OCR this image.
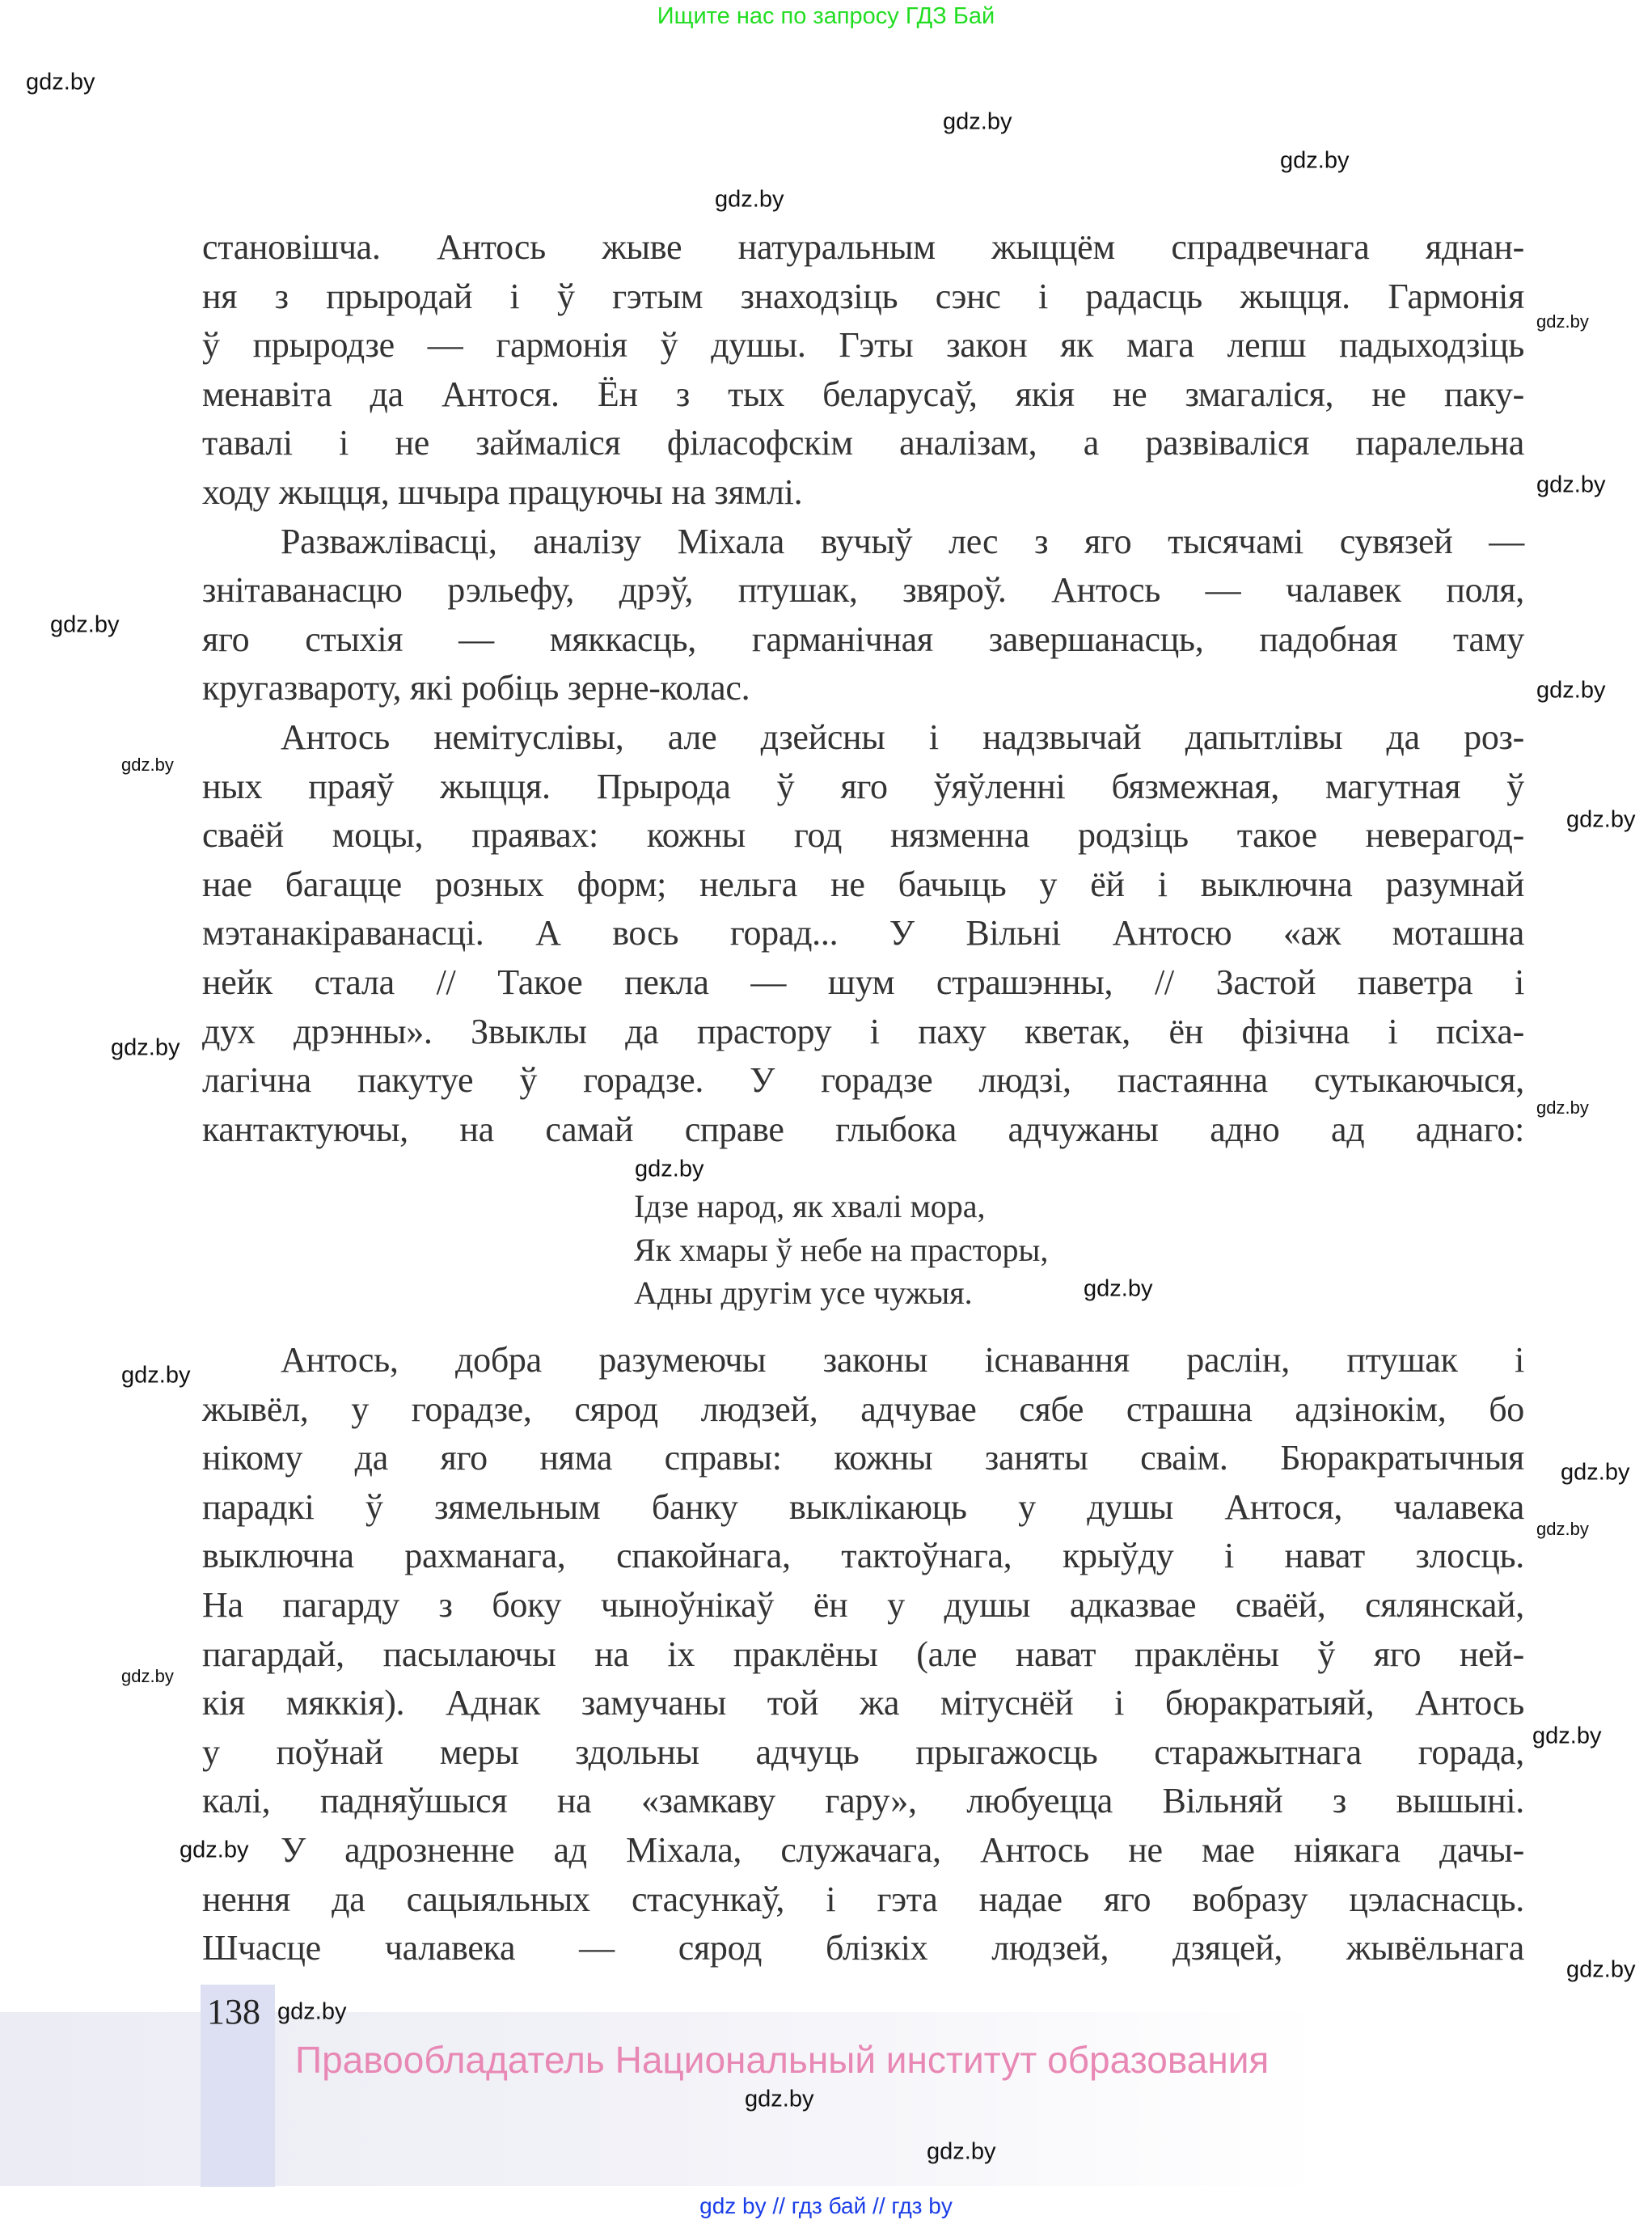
Ищите нас по запросу ГДЗ Бай
становішча. Антось жыве натуральным жыццём спрадвечнага яднан-
ня з прыродай і ў гэтым знаходзіць сэнс і радасць жыцця. Гармонія
ў прыродзе — гармонія ў душы. Гэты закон як мага лепш падыходзіць
менавіта да Антося. Ён з тых беларусаў, якія не змагаліся, не паку-
тавалі і не займаліся філасофскім аналізам, а развіваліся паралельна
ходу жыцця, шчыра працуючы на зямлі.
Разважлівасці, аналізу Міхала вучыў лес з яго тысячамі сувязей —
знітаванасцю рэльефу, дрэў, птушак, звяроў. Антось — чалавек поля,
яго стыхія — мяккасць, гарманічная завершанасць, падобная таму
кругазвароту, які робіць зерне-колас.
Антось немітуслівы, але дзейсны і надзвычай дапытлівы да роз-
ных праяў жыцця. Прырода ў яго ўяўленні бязмежная, магутная ў
сваёй моцы, праявах: кожны год нязменна родзіць такое неверагод-
нае багацце розных форм; нельга не бачыць у ёй і выключна разумнай
мэтанакіраванасці. А вось горад... У Вільні Антосю «аж моташна
нейк стала // Такое пекла — шум страшэнны, // Застой паветра і
дух дрэнны». Звыклы да прастору і паху кветак, ён фізічна і псіха-
лагічна пакутуе ў горадзе. У горадзе людзі, пастаянна сутыкаючыся,
кантактуючы, на самай справе глыбока адчужаны адно ад аднаго:
Ідзе народ, як хвалі мора,
Як хмары ў небе на прасторы,
Адны другім усе чужыя.
Антось, добра разумеючы законы існавання раслін, птушак і
жывёл, у горадзе, сярод людзей, адчувае сябе страшна адзінокім, бо
нікому да яго няма справы: кожны заняты сваім. Бюракратычныя
парадкі ў зямельным банку выклікаюць у душы Антося, чалавека
выключна рахманага, спакойнага, тактоўнага, крыўду і нават злосць.
На пагарду з боку чыноўнікаў ён у душы адказвае сваёй, сялянскай,
пагардай, пасылаючы на іх праклёны (але нават праклёны ў яго ней-
кія мяккія). Аднак замучаны той жа мітуснёй і бюракратыяй, Антось
у поўнай меры здольны адчуць прыгажосць старажытнага горада,
калі, падняўшыся на «замкаву гару», любуецца Вільняй з вышыні.
У адрозненне ад Міхала, служачага, Антось не мае ніякага дачы-
нення да сацыяльных стасункаў, і гэта надае яго вобразу цэласнасць.
Шчасце чалавека — сярод блізкіх людзей, дзяцей, жывёльнага
gdz.by
gdz.by
gdz.by
gdz.by
gdz.by
gdz.by
gdz.by
gdz.by
gdz.by
gdz.by
gdz.by
gdz.by
gdz.by
gdz.by
gdz.by
gdz.by
gdz.by
gdz.by
gdz.by
gdz.by
gdz.by
gdz.by
gdz.by
gdz.by
138
Правообладатель Национальный институт образования
gdz by // гдз бай // гдз by
